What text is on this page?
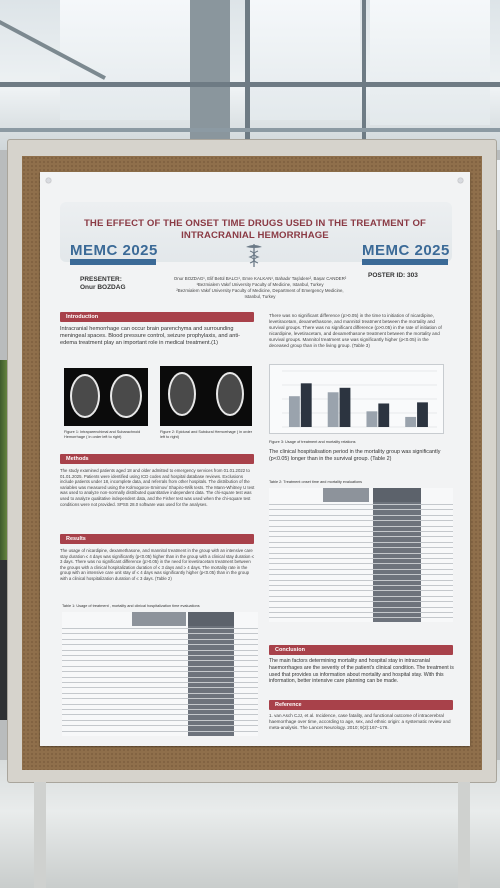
THE EFFECT OF THE ONSET TIME DRUGS USED IN THE TREATMENT OF
INTRACRANIAL HEMORRHAGE
MEMC 2025	MEMC 2025
PRESENTER:
Onur BOZDAG
POSTER ID: 303
Onur BOZDAG¹, Elif Betül BALCI¹, Emre KALKAN¹, Bahadır Taşlıdere², Bașar CANDER²
¹Bezmialem Vakıf University Faculty of Medicine, Istanbul, Turkey
²Bezmialem Vakıf University Faculty of Medicine, Department of Emergency Medicine,
Istanbul, Turkey
Introduction
Intracranial hemorrhage can occur brain parenchyma and surrounding meningeal spaces. Blood pressure control, seizure prophylaxis, and anti-edema treatment play an important role in medical treatment.(1)
Figure 1: Intraparenchimal and Subarachnoid Hemorrhage ( in order left to right)
Figure 2: Epidural and Subdural Hemorrhage ( in order left to right)
Methods
The study examined patients aged 18 and older admitted to emergency services from 01.01.2022 to 01.01.2025. Patients were identified using ICD codes and hospital database reviews. Exclusions include patients under 18, incomplete data, and referrals from other hospitals. The distribution of the variables was measured using the Kolmogorov-Smirnov/ Shapiro-Wilk tests. The Mann-Whitney U test was used to analyze non-normally distributed quantitative independent data. The chi-square test was used to analyze qualitative independent data, and the Fisher test was used when the chi-square test conditions were not provided. SPSS 28.0 software was used for the analyses.
Results
The usage of nicardipine, dexamethasone, and mannitol treatment in the group with an intensive care stay duration ≤ 4 days was significantly (p<0.05) higher than in the group with a clinical stay duration ≤ 3 days. There was no significant difference (p>0.05) in the need for levetiracetam treatment between the groups with a clinical hospitalization duration of ≤ 3 days and ≥ 4 days. The mortality rate in the group with an intensive care unit stay of ≤ 4 days was significantly higher (p<0.05) than in the group with a clinical hospitalization duration of ≤ 3 days. (Table 2)
Table 1: Usage of treatment , mortality and clinical hospitalization time evaluations
There was no significant difference (p>0.05) in the time to initiation of nicardipine, levetiracetam, dexamethasone, and mannitol treatment between the mortality and survival groups. There was no significant difference (p>0.05) in the rate of initiation of nicardipine, levetiracetam, and dexamethasone treatment between the mortality and survival groups. Mannitol treatment use was significantly higher (p<0.05) in the deceased group than in the living group. (Table 3)
Figure 3: Usage of treatment and mortality relations
The clinical hospitalisation period in the mortality group was significantly (p<0.05) longer than in the survival group. (Table 2)
Table 2: Treatment onset time and mortality evaluations
Conclusion
The main factors determining mortality and hospital stay in intracranial haemorrhages are the severity of the patient's clinical condition. The treatment is used that provides us information about mortality and hospital stay. With this information, better intensive care planning can be made.
Reference
1. van Asch CJJ, et al. Incidence, case fatality, and functional outcome of intracerebral haemorrhage over time, according to age, sex, and ethnic origin: a systematic review and meta-analysis. The Lancet Neurology. 2010; 9(2):167–176.
